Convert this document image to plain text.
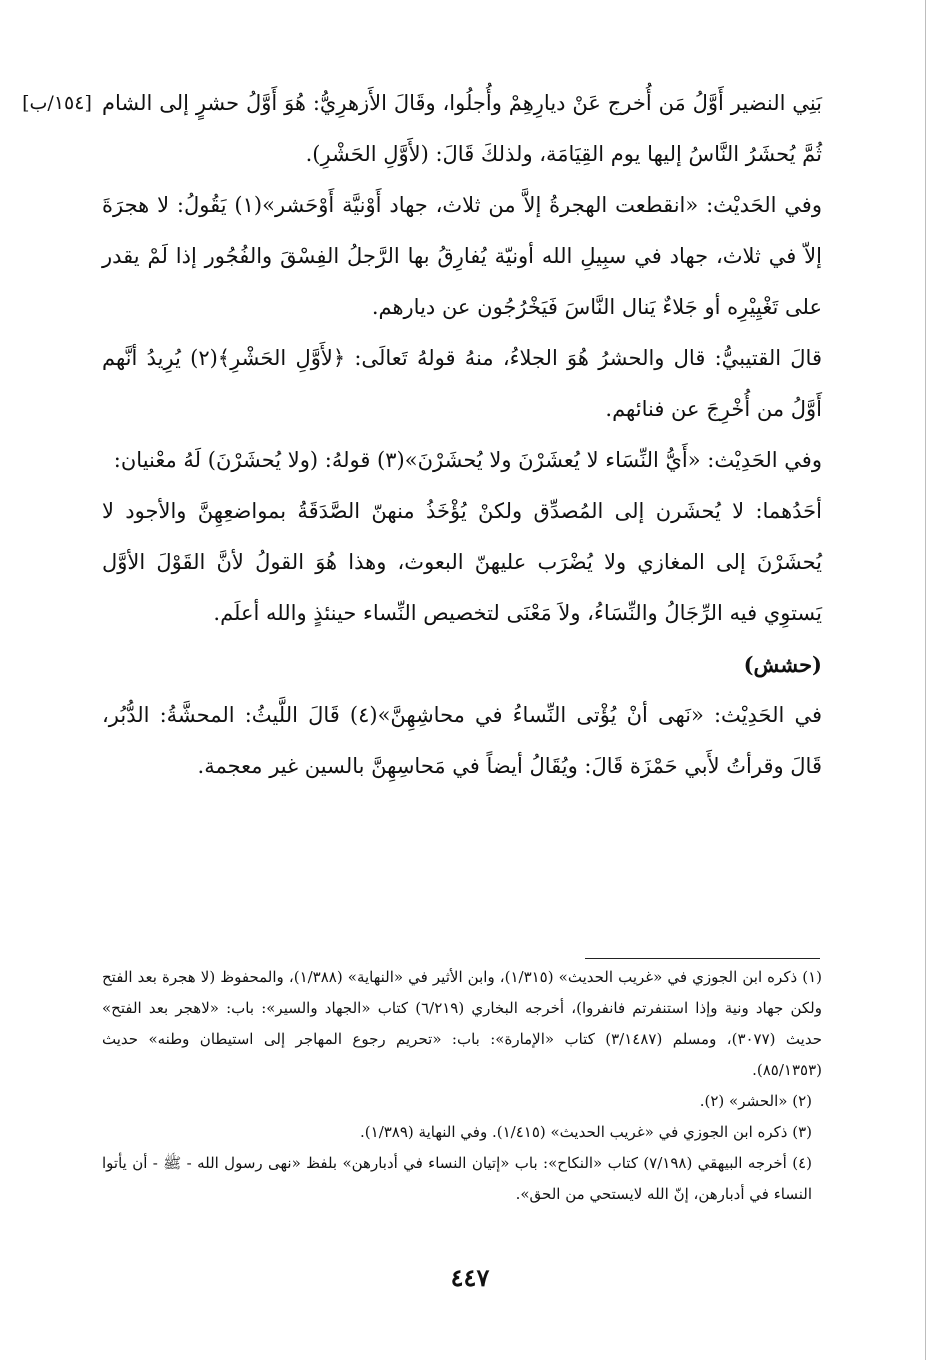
[١٥٤/ب] بَنِي النضير أَوَّلُ مَن أُخرج عَنْ ديارِهِمْ وأُجلُوا، وقَالَ الأَزهرِيُّ: هُوَ أَوَّلُ حشرٍ إلى الشام ثُمَّ يُحشَرُ النَّاسُ إليها يوم القِيَامَة، ولذلكَ قَالَ: (لأَوَّلِ الحَشْرِ).

وفي الحَديْث: «انقطعت الهجرةُ إلاَّ من ثلاث، جهاد أَوْنيَّة أَوْحَشر»(١) يَقُولُ: لا هجرَةَ إلاّ في ثلاث، جهاد في سبِيلِ الله أونيّة يُفارِقُ بها الرَّجلُ الفِسْقَ والفُجُور إذا لَمْ يقدر على تَغْيِيْرِه أو جَلاءٌ يَنال النَّاسَ فَيَخْرُجُون عن ديارهم.

قالَ القتيبيُّ: قال والحشرُ هُوَ الجلاءُ، منهُ قولهُ تَعالَى: ﴿لأَوَّلِ الحَشْرِ﴾(٢) يُرِيدُ أنَّهم أَوَّلُ من أُخْرِجَ عن فنائهم.

وفي الحَدِيْث: «أَيُّ النِّسَاء لا يُعشَرْنَ ولا يُحشَرْنَ»(٣) قولهُ: (ولا يُحشَرْنَ) لَهُ معْنيان:

أحَدُهما: لا يُحشَرن إلى المُصدِّق ولكنْ يُؤْخَذُ منهنّ الصَّدَقَةُ بمواضعِهِنَّ والأجود لا يُحشَرْنَ إلى المغازي ولا يُضْرَب عليهنّ البعوث، وهذا هُوَ القولُ لأنَّ القَوْلَ الأوَّل يَستوِي فيه الرِّجَالُ والنِّسَاءُ، ولاَ مَعْنَى لتخصيص النِّساء حينئذٍ والله أعلَم.

(حشش)

في الحَدِيْث: «نَهى أنْ يُؤْتى النِّساءُ في محاشِهِنَّ»(٤) قَالَ اللَّيثُ: المحشَّةُ: الدُّبُر، قَالَ وقرأتُ لأَبي حَمْزَة قَالَ: ويُقَالُ أيضاً في مَحاسِهِنَّ بالسين غير معجمة.

(١) ذكره ابن الجوزي في «غريب الحديث» (١/٣١٥)، وابن الأثير في «النهاية» (١/٣٨٨)، والمحفوظ (لا هجرة بعد الفتح ولكن جهاد ونية وإذا استنفرتم فانفروا)، أخرجه البخاري (٦/٢١٩) كتاب «الجهاد والسير»: باب: «لاهجر بعد الفتح» حديث (٣٠٧٧)، ومسلم (٣/١٤٨٧) كتاب «الإمارة»: باب: «تحريم رجوع المهاجر إلى استيطان وطنه» حديث (٨٥/١٣٥٣).

(٢) «الحشر» (٢).

(٣) ذكره ابن الجوزي في «غريب الحديث» (١/٤١٥). وفي النهاية (١/٣٨٩).

(٤) أخرجه البيهقي (٧/١٩٨) كتاب «النكاح»: باب «إتيان النساء في أدبارهن» بلفظ «نهى رسول الله - ﷺ - أن يأتوا النساء في أدبارهن، إنّ الله لايستحي من الحق».

٤٤٧
